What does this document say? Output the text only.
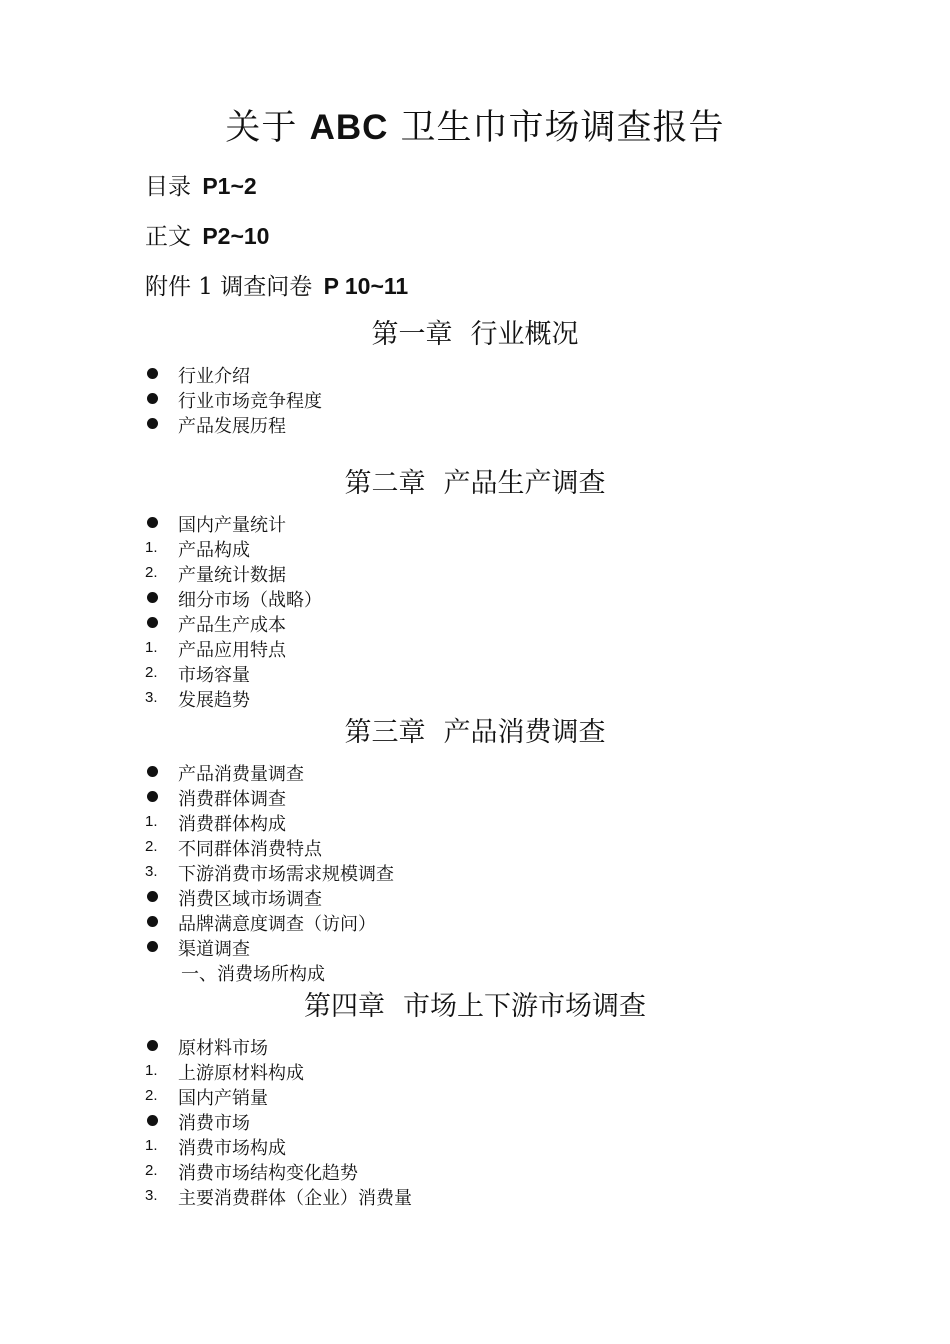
关于 ABC 卫生巾市场调查报告
目录 P1~2
正文 P2~10
附件 1 调查问卷 P 10~11
第一章 行业概况
行业介绍
行业市场竞争程度
产品发展历程
第二章 产品生产调查
国内产量统计
1.	产品构成
2.	产量统计数据
细分市场（战略）
产品生产成本
1.	产品应用特点
2.	市场容量
3.	发展趋势
第三章 产品消费调查
产品消费量调查
消费群体调查
1.	消费群体构成
2.	不同群体消费特点
3.	下游消费市场需求规模调查
消费区域市场调查
品牌满意度调查（访问）
渠道调查
一、消费场所构成
第四章 市场上下游市场调查
原材料市场
1.	上游原材料构成
2.	国内产销量
消费市场
1.	消费市场构成
2.	消费市场结构变化趋势
3.	主要消费群体（企业）消费量
